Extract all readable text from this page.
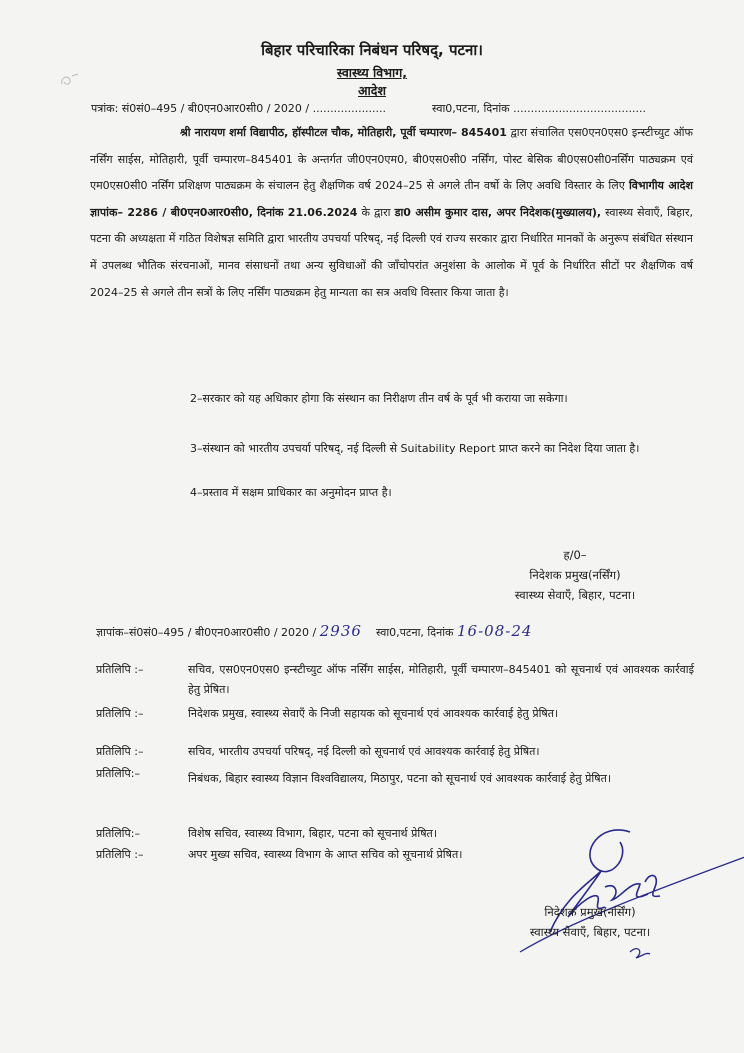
बिहार परिचारिका निबंधन परिषद्, पटना।
स्वास्थ्य विभाग,
आदेश
पत्रांक: सं0सं0–495 / बी0एन0आर0सी0 / 2020 / .....................	स्वा0,पटना, दिनांक ......................................
श्री नारायण शर्मा विद्यापीठ, हॉस्पीटल चौक, मोतिहारी, पूर्वी चम्पारण– 845401 द्वारा संचालित एस0एन0एस0 इन्स्टीच्युट ऑफ नर्सिंग साईस, मोतिहारी, पूर्वी चम्पारण–845401 के अन्तर्गत जी0एन0एम0, बी0एस0सी0 नर्सिंग, पोस्ट बेसिक बी0एस0सी0नर्सिंग पाठ्यक्रम एवं एम0एस0सी0 नर्सिंग प्रशिक्षण पाठ्यक्रम के संचालन हेतु शैक्षणिक वर्ष 2024–25 से अगले तीन वर्षो के लिए अवधि विस्तार के लिए विभागीय आदेश ज्ञापांक– 2286 / बी0एन0आर0सी0, दिनांक 21.06.2024 के द्वारा डा0 असीम कुमार दास, अपर निदेशक(मुख्यालय), स्वास्थ्य सेवाएँ, बिहार, पटना की अध्यक्षता में गठित विशेषज्ञ समिति द्वारा भारतीय उपचर्या परिषद्, नई दिल्ली एवं राज्य सरकार द्वारा निर्धारित मानकों के अनुरूप संबंधित संस्थान में उपलब्ध भौतिक संरचनाओं, मानव संसाधनों तथा अन्य सुविधाओं की जाँचोपरांत अनुशंसा के आलोक में पूर्व के निर्धारित सीटों पर शैक्षणिक वर्ष 2024–25 से अगले तीन सत्रों के लिए नर्सिंग पाठ्यक्रम हेतु मान्यता का सत्र अवधि विस्तार किया जाता है।
2–सरकार को यह अधिकार होगा कि संस्थान का निरीक्षण तीन वर्ष के पूर्व भी कराया जा सकेगा।
3–संस्थान को भारतीय उपचर्या परिषद्, नई दिल्ली से Suitability Report प्राप्त करने का निदेश दिया जाता है।
4–प्रस्ताव में सक्षम प्राधिकार का अनुमोदन प्राप्त है।
ह/0–
निदेशक प्रमुख(नर्सिंग)
स्वास्थ्य सेवाएँ, बिहार, पटना।
ज्ञापांक–सं0सं0–495 / बी0एन0आर0सी0 / 2020 / 2936 स्वा0,पटना, दिनांक 16-08-24
प्रतिलिपि :–	सचिव, एस0एन0एस0 इन्स्टीच्युट ऑफ नर्सिंग साईस, मोतिहारी, पूर्वी चम्पारण–845401 को सूचनार्थ एवं आवश्यक कार्रवाई हेतु प्रेषित।
प्रतिलिपि :–	निदेशक प्रमुख, स्वास्थ्य सेवाएँ के निजी सहायक को सूचनार्थ एवं आवश्यक कार्रवाई हेतु प्रेषित।
प्रतिलिपि :–	सचिव, भारतीय उपचर्या परिषद्, नई दिल्ली को सूचनार्थ एवं आवश्यक कार्रवाई हेतु प्रेषित।
प्रतिलिपि:–	निबंधक, बिहार स्वास्थ्य विज्ञान विश्वविद्यालय, मिठापुर, पटना को सूचनार्थ एवं आवश्यक कार्रवाई हेतु प्रेषित।
प्रतिलिपि:–	विशेष सचिव, स्वास्थ्य विभाग, बिहार, पटना को सूचनार्थ प्रेषित।
प्रतिलिपि :–	अपर मुख्य सचिव, स्वास्थ्य विभाग के आप्त सचिव को सूचनार्थ प्रेषित।
निदेशक प्रमुख(नर्सिंग)
स्वास्थ्य सेवाएँ, बिहार, पटना।
